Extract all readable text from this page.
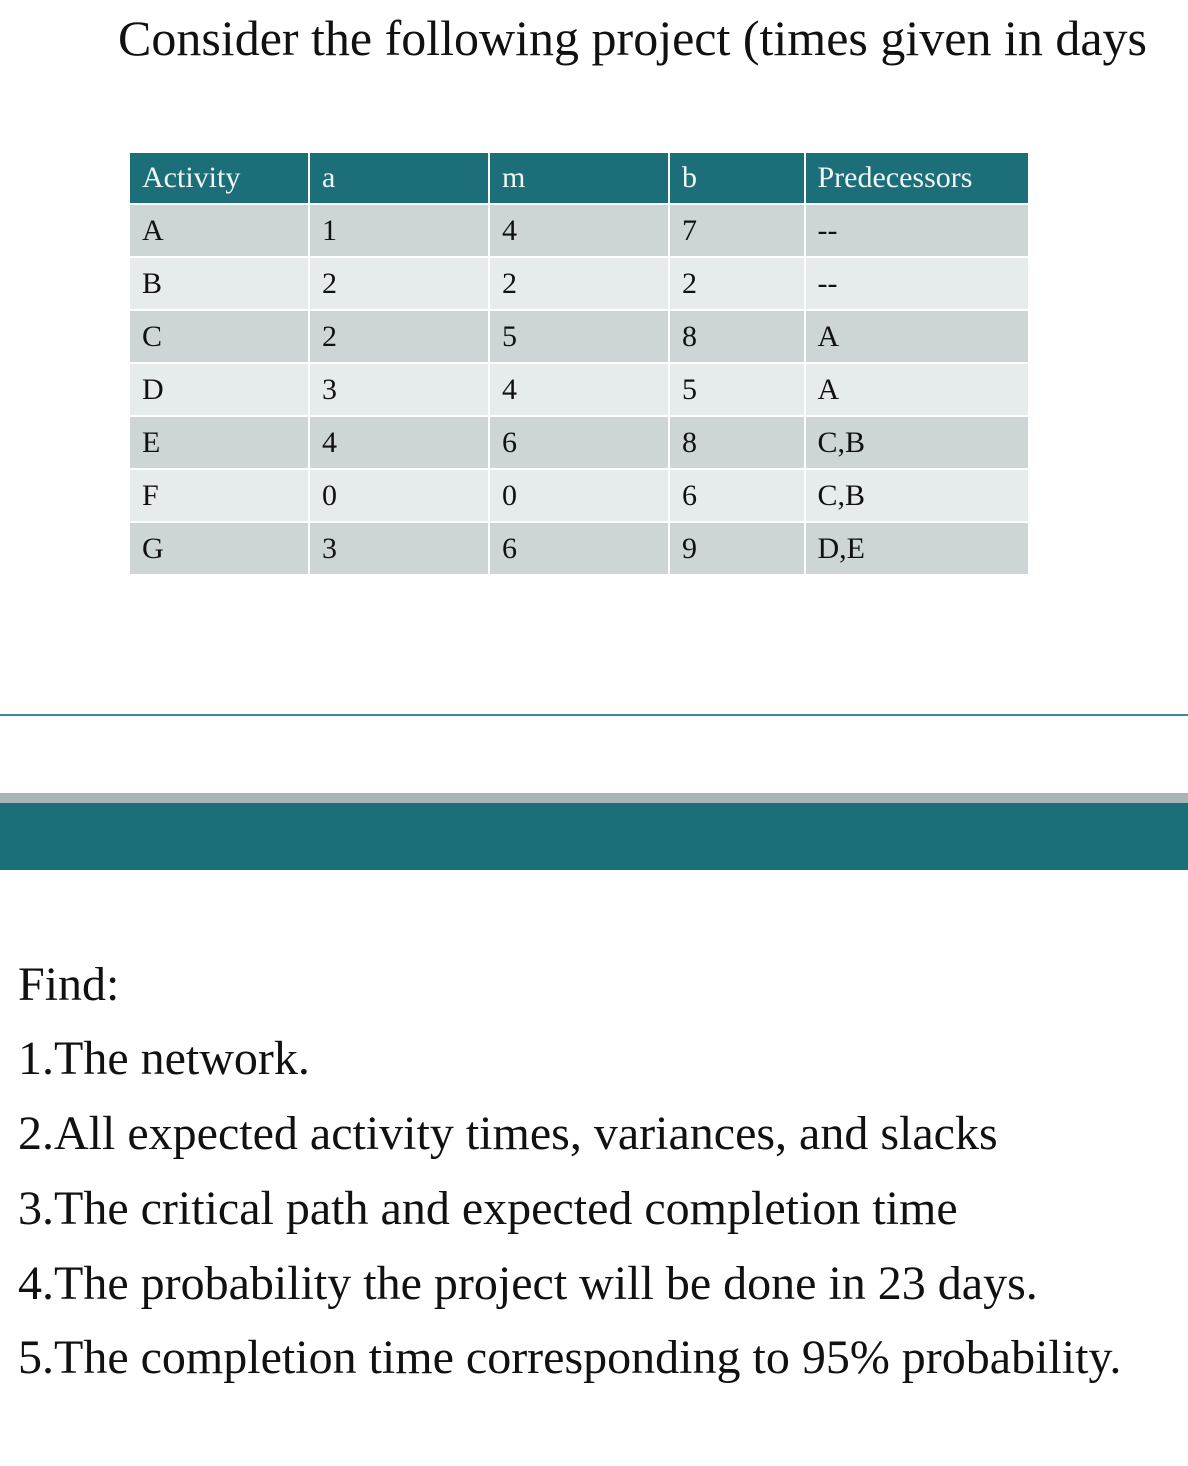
Consider the following project (times given in days
Activity	a	m	b	Predecessors
A	1	4	7	--
B	2	2	2	--
C	2	5	8	A
D	3	4	5	A
E	4	6	8	C,B
F	0	0	6	C,B
G	3	6	9	D,E
Find:
1.The network.
2.All expected activity times, variances, and slacks
3.The critical path and expected completion time
4.The probability the project will be done in 23 days.
5.The completion time corresponding to 95% probability.
